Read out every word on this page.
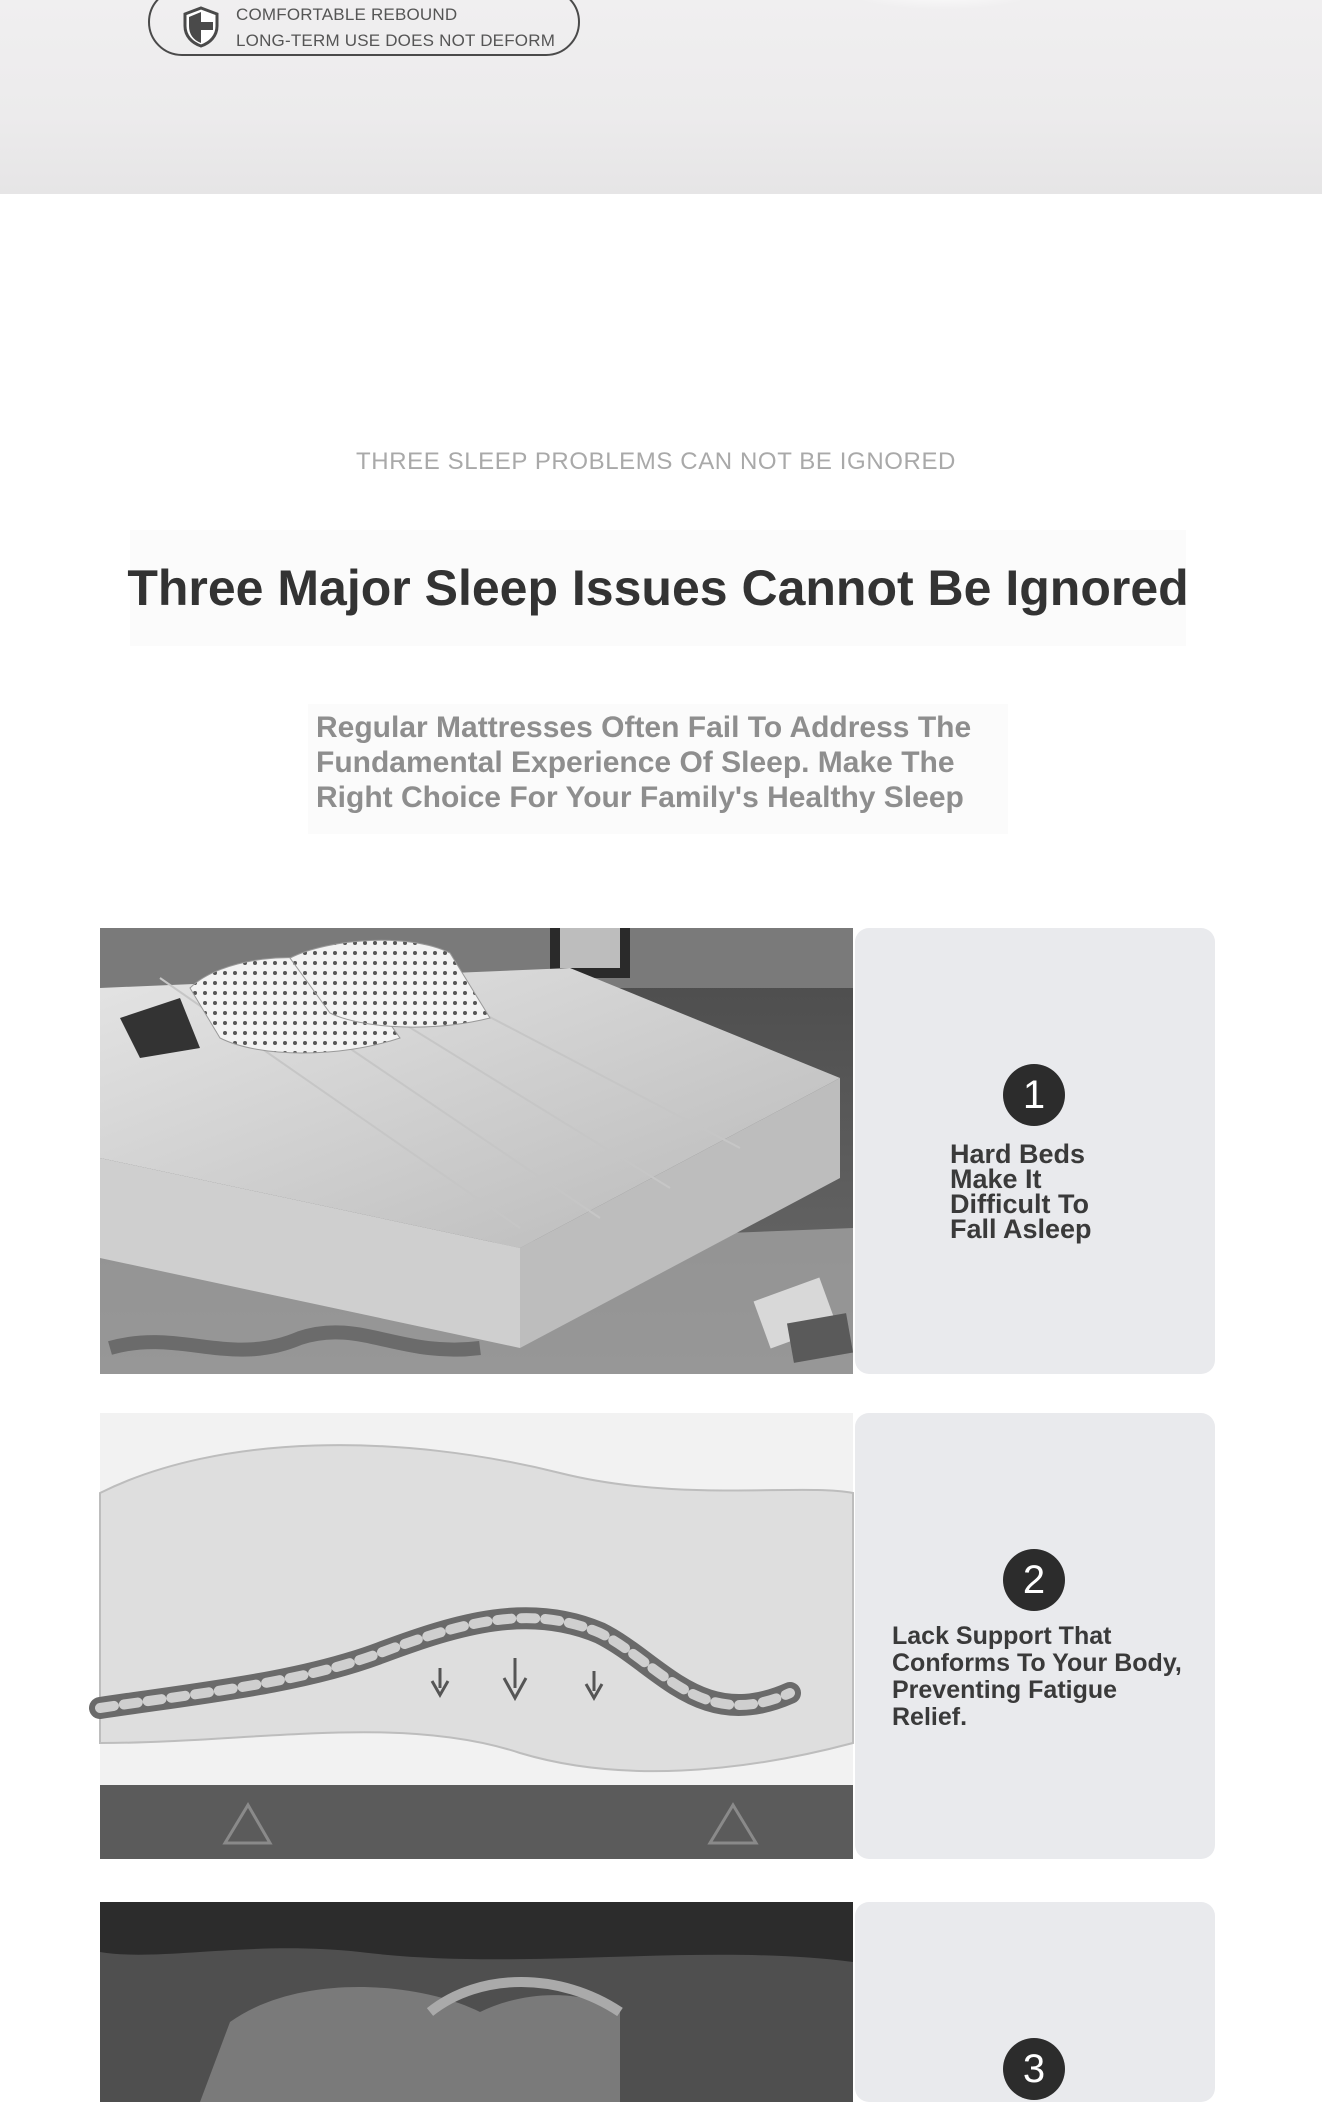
COMFORTABLE REBOUND
LONG-TERM USE DOES NOT DEFORM
THREE SLEEP PROBLEMS CAN NOT BE IGNORED
Three Major Sleep Issues Cannot Be Ignored
Regular Mattresses Often Fail To Address The Fundamental Experience Of Sleep. Make The Right Choice For Your Family's Healthy Sleep
1
Hard Beds Make It Difficult To Fall Asleep
2
Lack Support That Conforms To Your Body, Preventing Fatigue Relief.
3
